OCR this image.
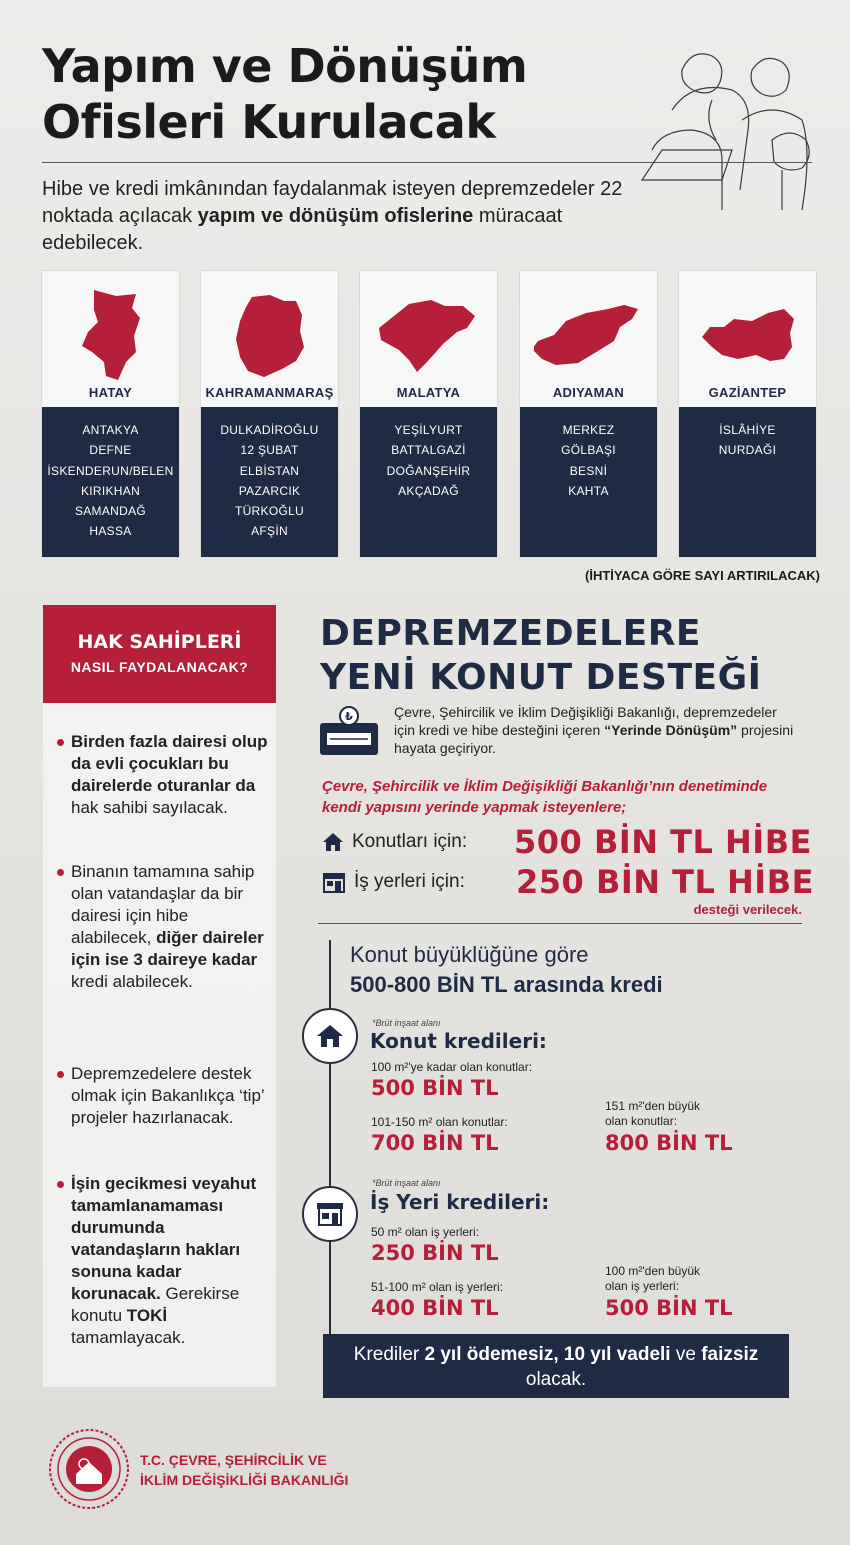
Yapım ve Dönüşüm
Ofisleri Kurulacak
Hibe ve kredi imkânından faydalanmak isteyen depremzedeler 22 noktada açılacak yapım ve dönüşüm ofislerine müracaat edebilecek.
HATAY
ANTAKYA
DEFNE
İSKENDERUN/BELEN
KIRIKHAN
SAMANDAĞ
HASSA
KAHRAMANMARAŞ
DULKADİROĞLU
12 ŞUBAT
ELBİSTAN
PAZARCIK
TÜRKOĞLU
AFŞİN
MALATYA
YEŞİLYURT
BATTALGAZİ
DOĞANŞEHİR
AKÇADAĞ
ADIYAMAN
MERKEZ
GÖLBAŞI
BESNİ
KAHTA
GAZİANTEP
İSLÂHİYE
NURDAĞI
(İHTİYACA GÖRE SAYI ARTIRILACAK)
HAK SAHİPLERİ
NASIL FAYDALANACAK?
Birden fazla dairesi olup da evli çocukları bu dairelerde oturanlar da hak sahibi sayılacak.
Binanın tamamına sahip olan vatandaşlar da bir dairesi için hibe alabilecek, diğer daireler için ise 3 daireye kadar kredi alabilecek.
Depremzedelere destek olmak için Bakanlıkça ‘tip’ projeler hazırlanacak.
İşin gecikmesi veyahut tamamlanamaması durumunda vatandaşların hakları sonuna kadar korunacak. Gerekirse konutu TOKİ tamamlayacak.
DEPREMZEDELERE
YENİ KONUT DESTEĞİ
₺	Çevre, Şehircilik ve İklim Değişikliği Bakanlığı, depremzedeler için kredi ve hibe desteğini içeren “Yerinde Dönüşüm” projesini hayata geçiriyor.
Çevre, Şehircilik ve İklim Değişikliği Bakanlığı’nın denetiminde kendi yapısını yerinde yapmak isteyenlere;
Konutları için:	500 BİN TL HİBE
İş yerleri için:	250 BİN TL HİBE
desteği verilecek.
Konut büyüklüğüne göre
500-800 BİN TL arasında kredi
*Brüt inşaat alanı
Konut kredileri:
100 m²'ye kadar olan konutlar:
500 BİN TL
101-150 m² olan konutlar:
700 BİN TL
151 m²'den büyük
olan konutlar:
800 BİN TL
*Brüt inşaat alanı
İş Yeri kredileri:
50 m² olan iş yerleri:
250 BİN TL
51-100 m² olan iş yerleri:
400 BİN TL
100 m²'den büyük
olan iş yerleri:
500 BİN TL
Krediler 2 yıl ödemesiz, 10 yıl vadeli ve faizsiz olacak.
T.C. ÇEVRE, ŞEHİRCİLİK VE
İKLİM DEĞİŞİKLİĞİ BAKANLIĞI
